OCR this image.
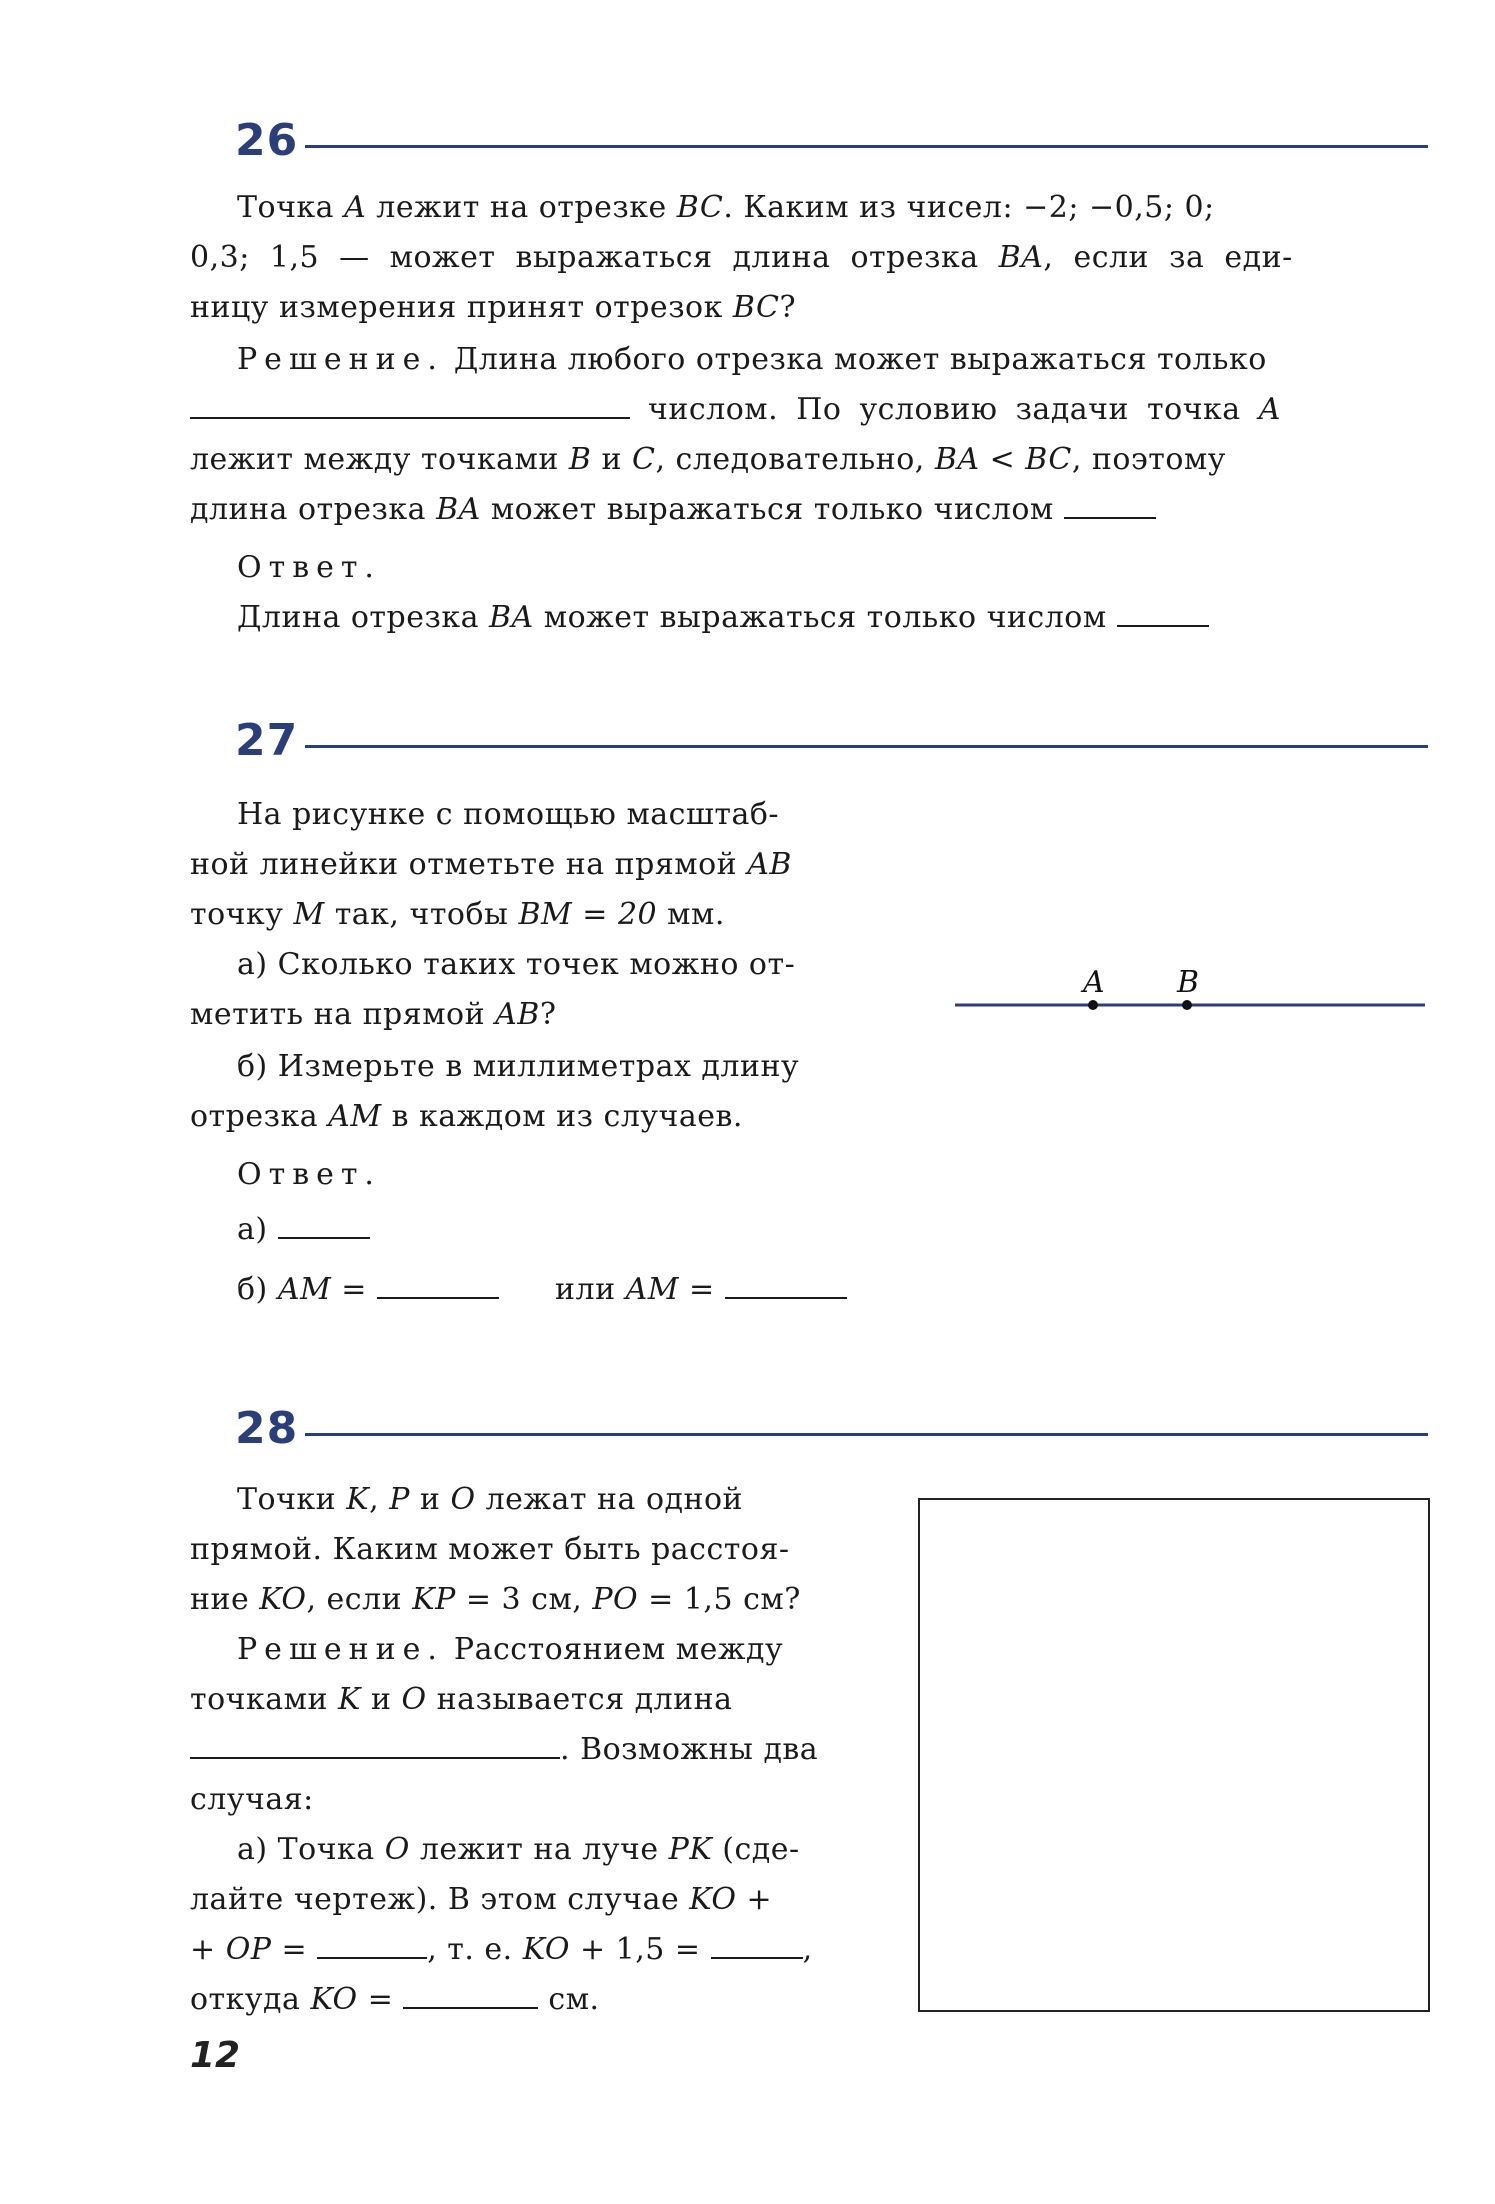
26
Точка A лежит на отрезке BC. Каким из чисел: −2; −0,5; 0;
0,3; 1,5 — может выражаться длина отрезка BA, если за еди-
ницу измерения принят отрезок BC?
Решение. Длина любого отрезка может выражаться только
числом. По условию задачи точка A
лежит между точками B и C, следовательно, BA < BC, поэтому
длина отрезка BA может выражаться только числом
Ответ.
Длина отрезка BA может выражаться только числом
27
На рисунке с помощью масштаб-
ной линейки отметьте на прямой AB
точку M так, чтобы BM = 20 мм.
а) Сколько таких точек можно от-
метить на прямой AB?
б) Измерьте в миллиметрах длину
отрезка AM в каждом из случаев.
Ответ.
а)
б) AM =	или AM =
A B
28
Точки K, P и O лежат на одной
прямой. Каким может быть расстоя-
ние KO, если KP = 3 см, PO = 1,5 см?
Решение. Расстоянием между
точками K и O называется длина
. Возможны два
случая:
а) Точка O лежит на луче PK (сде-
лайте чертеж). В этом случае KO +
+ OP =	, т. е. KO + 1,5 =	,
откуда KO =	см.
12
